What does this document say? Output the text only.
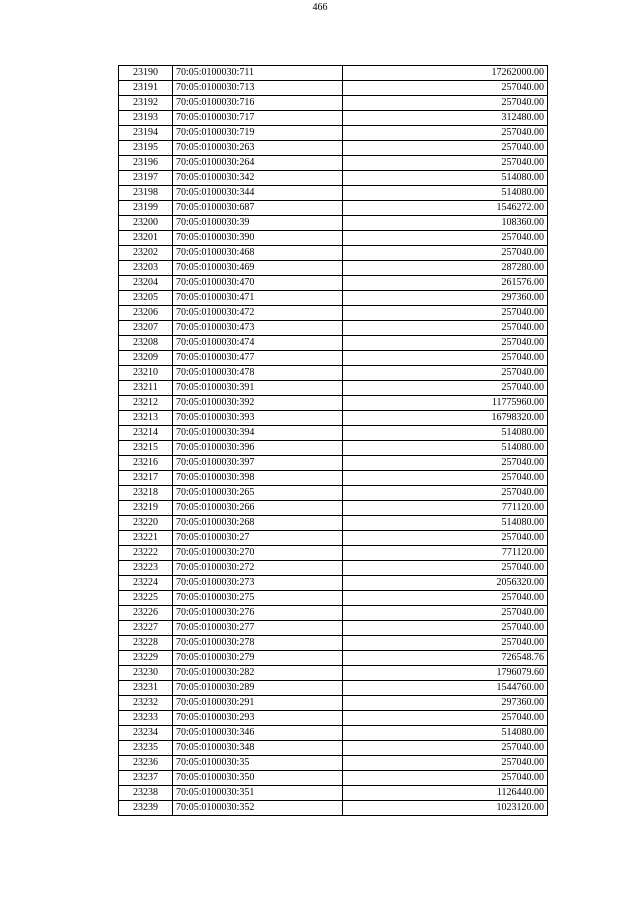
466
23190	70:05:0100030:711	17262000.00
23191	70:05:0100030:713	257040.00
23192	70:05:0100030:716	257040.00
23193	70:05:0100030:717	312480.00
23194	70:05:0100030:719	257040.00
23195	70:05:0100030:263	257040.00
23196	70:05:0100030:264	257040.00
23197	70:05:0100030:342	514080.00
23198	70:05:0100030:344	514080.00
23199	70:05:0100030:687	1546272.00
23200	70:05:0100030:39	108360.00
23201	70:05:0100030:390	257040.00
23202	70:05:0100030:468	257040.00
23203	70:05:0100030:469	287280.00
23204	70:05:0100030:470	261576.00
23205	70:05:0100030:471	297360.00
23206	70:05:0100030:472	257040.00
23207	70:05:0100030:473	257040.00
23208	70:05:0100030:474	257040.00
23209	70:05:0100030:477	257040.00
23210	70:05:0100030:478	257040.00
23211	70:05:0100030:391	257040.00
23212	70:05:0100030:392	11775960.00
23213	70:05:0100030:393	16798320.00
23214	70:05:0100030:394	514080.00
23215	70:05:0100030:396	514080.00
23216	70:05:0100030:397	257040.00
23217	70:05:0100030:398	257040.00
23218	70:05:0100030:265	257040.00
23219	70:05:0100030:266	771120.00
23220	70:05:0100030:268	514080.00
23221	70:05:0100030:27	257040.00
23222	70:05:0100030:270	771120.00
23223	70:05:0100030:272	257040.00
23224	70:05:0100030:273	2056320.00
23225	70:05:0100030:275	257040.00
23226	70:05:0100030:276	257040.00
23227	70:05:0100030:277	257040.00
23228	70:05:0100030:278	257040.00
23229	70:05:0100030:279	726548.76
23230	70:05:0100030:282	1796079.60
23231	70:05:0100030:289	1544760.00
23232	70:05:0100030:291	297360.00
23233	70:05:0100030:293	257040.00
23234	70:05:0100030:346	514080.00
23235	70:05:0100030:348	257040.00
23236	70:05:0100030:35	257040.00
23237	70:05:0100030:350	257040.00
23238	70:05:0100030:351	1126440.00
23239	70:05:0100030:352	1023120.00
